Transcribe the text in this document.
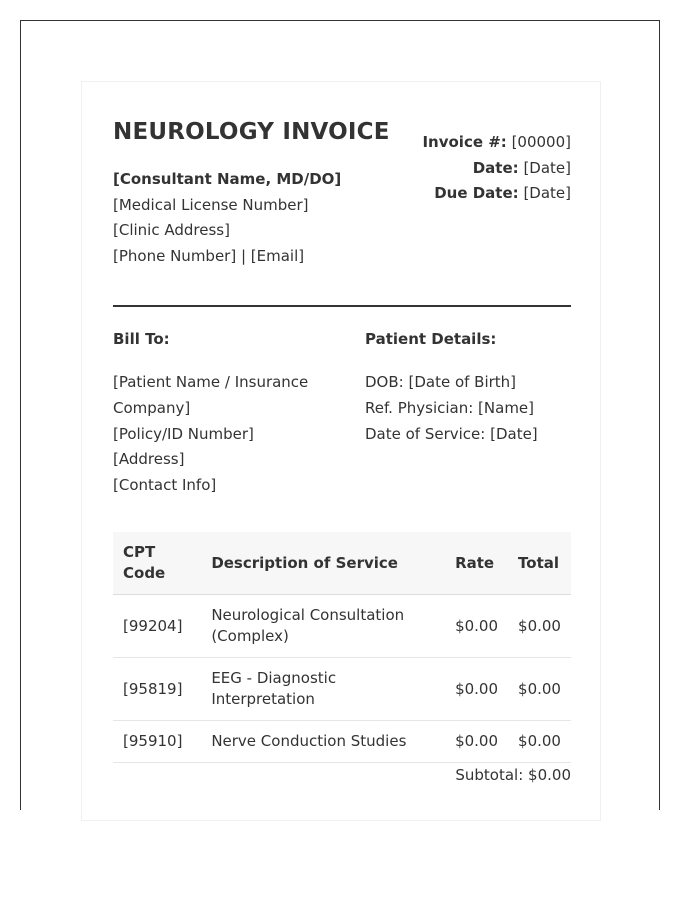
NEUROLOGY INVOICE Invoice #: [00000]
Date: [Date]
Due Date: [Date]
[Consultant Name, MD/DO]
[Medical License Number]
[Clinic Address]
[Phone Number] | [Email]
Bill To:	Patient Details:
[Patient Name / Insurance Company]
[Policy/ID Number]
[Address]
[Contact Info]
DOB: [Date of Birth]
Ref. Physician: [Name]
Date of Service: [Date]
CPT Code	Description of Service	Rate	Total
[99204]	Neurological Consultation (Complex)	$0.00	$0.00
[95819]	EEG - Diagnostic Interpretation	$0.00	$0.00
[95910]	Nerve Conduction Studies	$0.00	$0.00
Subtotal: $0.00
